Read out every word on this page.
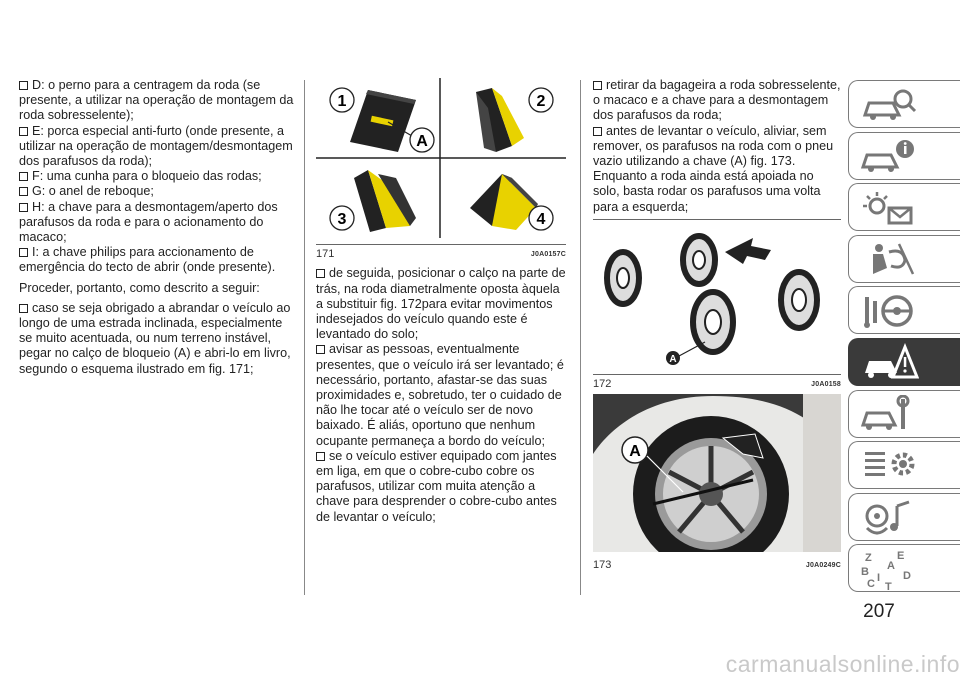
D: o perno para a centragem da roda (se presente, a utilizar na operação de montagem da roda sobresselente);
E: porca especial anti-furto (onde presente, a utilizar na operação de montagem/desmontagem dos parafusos da roda);
F: uma cunha para o bloqueio das rodas;
G: o anel de reboque;
H: a chave para a desmontagem/aperto dos parafusos da roda e para o acionamento do macaco;
I: a chave philips para accionamento de emergência do tecto de abrir (onde presente).

Proceder, portanto, como descrito a seguir:

caso se seja obrigado a abrandar o veículo ao longo de uma estrada inclinada, especialmente se muito acentuada, ou num terreno instável, pegar no calço de bloqueio (A) e abri-lo em livro, segundo o esquema ilustrado em fig. 171;
1
A
2
3	4
171	J0A0157C
de seguida, posicionar o calço na parte de trás, na roda diametralmente oposta àquela a substituir fig. 172para evitar movimentos indesejados do veículo quando este é levantado do solo;
avisar as pessoas, eventualmente presentes, que o veículo irá ser levantado; é necessário, portanto, afastar-se das suas proximidades e, sobretudo, ter o cuidado de não lhe tocar até o veículo ser de novo baixado. É aliás, oportuno que nenhum ocupante permaneça a bordo do veículo;
se o veículo estiver equipado com jantes em liga, em que o cobre-cubo cobre os parafusos, utilizar com muita atenção a chave para desprender o cobre-cubo antes de levantar o veículo;
retirar da bagageira a roda sobresselente, o macaco e a chave para a desmontagem dos parafusos da roda;
antes de levantar o veículo, aliviar, sem remover, os parafusos na roda com o pneu vazio utilizando a chave (A) fig. 173. Enquanto a roda ainda está apoiada no solo, basta rodar os parafusos uma volta para a esquerda;
A
172	J0A0158
A
173	J0A0249C
Z E
B A
I
C
D
T
207
carmanualsonline.info
